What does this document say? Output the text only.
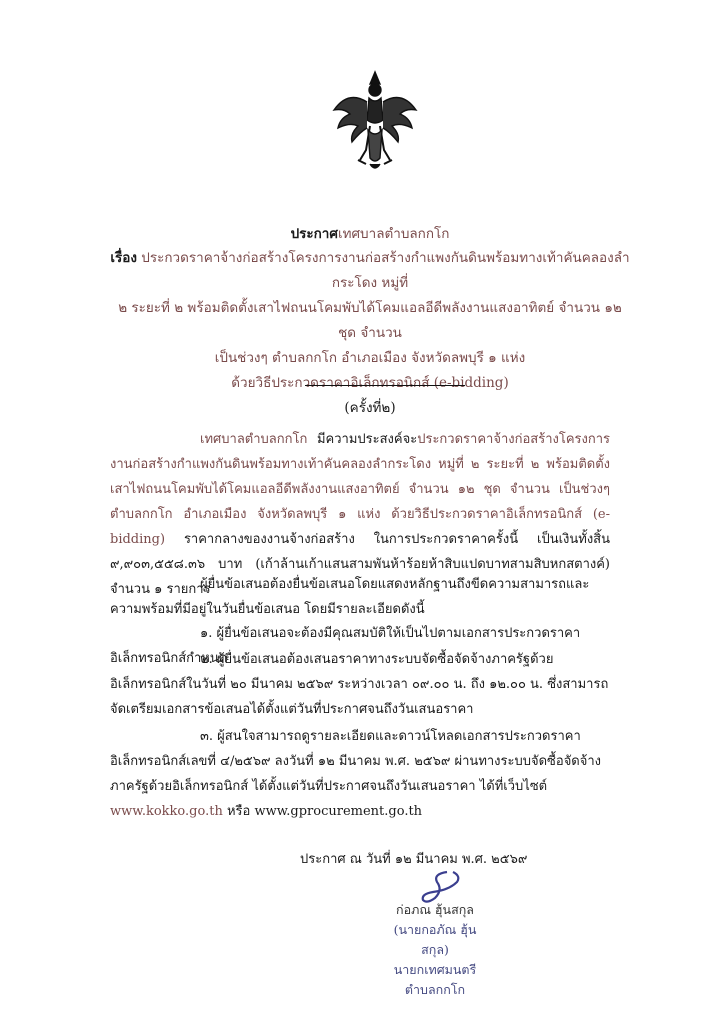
ประกาศเทศบาลตำบลกกโก
เรื่อง ประกวดราคาจ้างก่อสร้างโครงการงานก่อสร้างกำแพงกันดินพร้อมทางเท้าคันคลองลำกระโดง หมู่ที่
๒ ระยะที่ ๒ พร้อมติดตั้งเสาไฟถนนโคมพับได้โคมแอลอีดีพลังงานแสงอาทิตย์ จำนวน ๑๒ ชุด จำนวน
เป็นช่วงๆ ตำบลกกโก อำเภอเมือง จังหวัดลพบุรี ๑ แห่ง
ด้วยวิธีประกวดราคาอิเล็กทรอนิกส์ (e-bidding)
(ครั้งที่๒)
เทศบาลตำบลกกโก มีความประสงค์จะประกวดราคาจ้างก่อสร้างโครงการงานก่อสร้างกำแพงกันดินพร้อมทางเท้าคันคลองลำกระโดง หมู่ที่ ๒ ระยะที่ ๒ พร้อมติดตั้งเสาไฟถนนโคมพับได้โคมแอลอีดีพลังงานแสงอาทิตย์ จำนวน ๑๒ ชุด จำนวน เป็นช่วงๆ ตำบลกกโก อำเภอเมือง จังหวัดลพบุรี ๑ แห่ง ด้วยวิธีประกวดราคาอิเล็กทรอนิกส์ (e-bidding) ราคากลางของงานจ้างก่อสร้าง ในการประกวดราคาครั้งนี้ เป็นเงินทั้งสิ้น ๙,๙๐๓,๕๕๘.๓๖ บาท (เก้าล้านเก้าแสนสามพันห้าร้อยห้าสิบแปดบาทสามสิบหกสตางค์) จำนวน ๑ รายการ
ผู้ยื่นข้อเสนอต้องยื่นข้อเสนอโดยแสดงหลักฐานถึงขีดความสามารถและความพร้อมที่มีอยู่ในวันยื่นข้อเสนอ โดยมีรายละเอียดดังนี้
๑. ผู้ยื่นข้อเสนอจะต้องมีคุณสมบัติให้เป็นไปตามเอกสารประกวดราคาอิเล็กทรอนิกส์กำหนด
๒. ผู้ยื่นข้อเสนอต้องเสนอราคาทางระบบจัดซื้อจัดจ้างภาครัฐด้วยอิเล็กทรอนิกส์ในวันที่ ๒๐ มีนาคม ๒๕๖๙ ระหว่างเวลา ๐๙.๐๐ น. ถึง ๑๒.๐๐ น. ซึ่งสามารถจัดเตรียมเอกสารข้อเสนอได้ตั้งแต่วันที่ประกาศจนถึงวันเสนอราคา
๓. ผู้สนใจสามารถดูรายละเอียดและดาวน์โหลดเอกสารประกวดราคาอิเล็กทรอนิกส์เลขที่ ๔/๒๕๖๙ ลงวันที่ ๑๒ มีนาคม พ.ศ. ๒๕๖๙ ผ่านทางระบบจัดซื้อจัดจ้างภาครัฐด้วยอิเล็กทรอนิกส์ ได้ตั้งแต่วันที่ประกาศจนถึงวันเสนอราคา ได้ที่เว็บไซต์ www.kokko.go.th หรือ www.gprocurement.go.th
ประกาศ ณ วันที่ ๑๒ มีนาคม พ.ศ. ๒๕๖๙
ก่อภณ ฮุ้นสกุล
(นายกอภัณ ฮุ้นสกุล)
นายกเทศมนตรีตำบลกกโก
